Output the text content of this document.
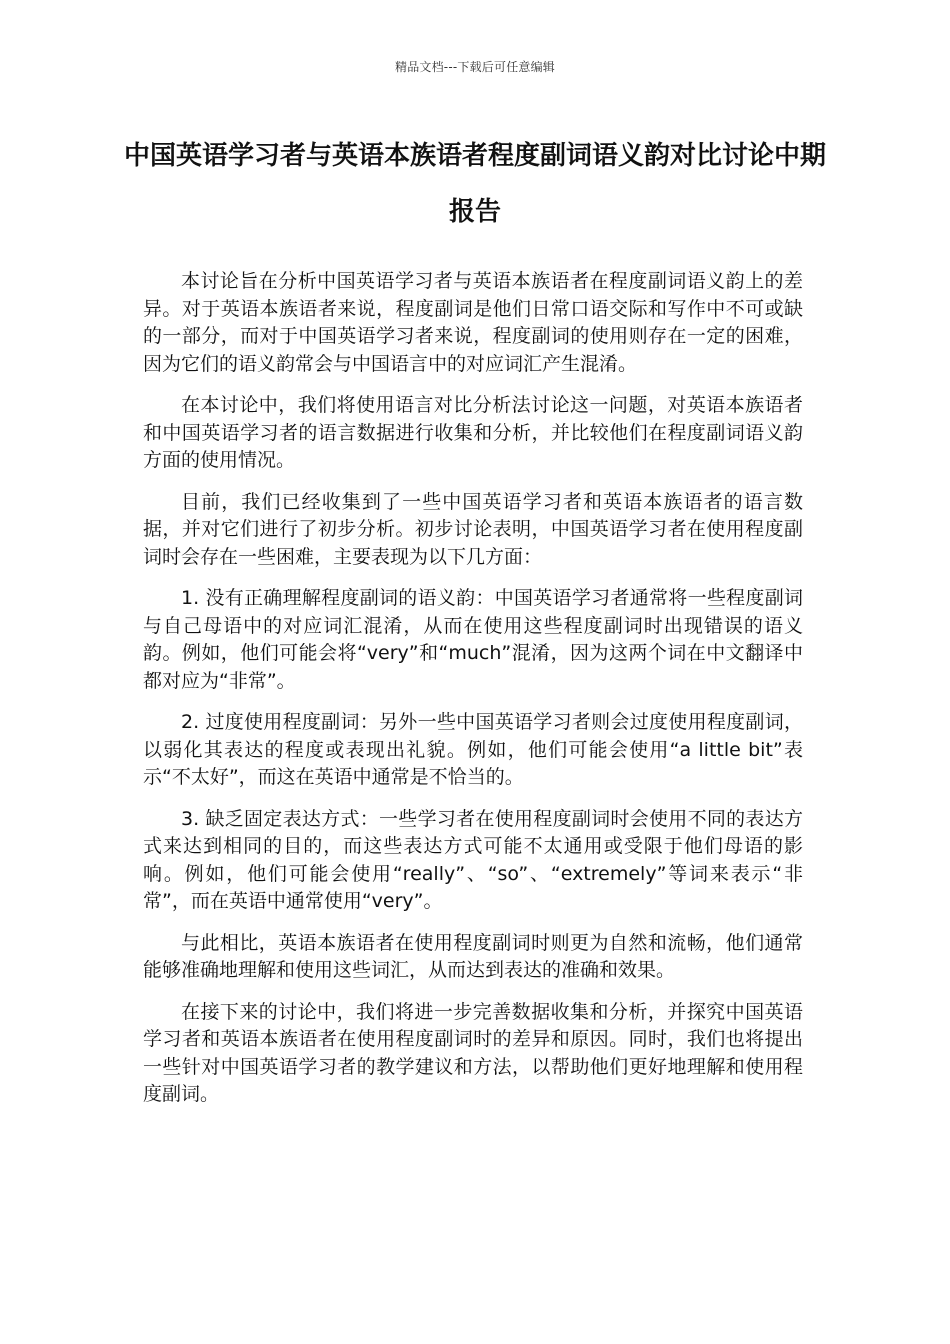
精品文档---下载后可任意编辑
中国英语学习者与英语本族语者程度副词语义韵对比讨论中期报告

本讨论旨在分析中国英语学习者与英语本族语者在程度副词语义韵上的差异。对于英语本族语者来说，程度副词是他们日常口语交际和写作中不可或缺的一部分，而对于中国英语学习者来说，程度副词的使用则存在一定的困难，因为它们的语义韵常会与中国语言中的对应词汇产生混淆。

在本讨论中，我们将使用语言对比分析法讨论这一问题，对英语本族语者和中国英语学习者的语言数据进行收集和分析，并比较他们在程度副词语义韵方面的使用情况。

目前，我们已经收集到了一些中国英语学习者和英语本族语者的语言数据，并对它们进行了初步分析。初步讨论表明，中国英语学习者在使用程度副词时会存在一些困难，主要表现为以下几方面：

1. 没有正确理解程度副词的语义韵：中国英语学习者通常将一些程度副词与自己母语中的对应词汇混淆，从而在使用这些程度副词时出现错误的语义韵。例如，他们可能会将“very”和“much”混淆，因为这两个词在中文翻译中都对应为“非常”。

2. 过度使用程度副词：另外一些中国英语学习者则会过度使用程度副词，以弱化其表达的程度或表现出礼貌。例如，他们可能会使用“a little bit”表示“不太好”，而这在英语中通常是不恰当的。

3. 缺乏固定表达方式：一些学习者在使用程度副词时会使用不同的表达方式来达到相同的目的，而这些表达方式可能不太通用或受限于他们母语的影响。例如，他们可能会使用“really”、“so”、“extremely”等词来表示“非常”，而在英语中通常使用“very”。

与此相比，英语本族语者在使用程度副词时则更为自然和流畅，他们通常能够准确地理解和使用这些词汇，从而达到表达的准确和效果。

在接下来的讨论中，我们将进一步完善数据收集和分析，并探究中国英语学习者和英语本族语者在使用程度副词时的差异和原因。同时，我们也将提出一些针对中国英语学习者的教学建议和方法，以帮助他们更好地理解和使用程度副词。
